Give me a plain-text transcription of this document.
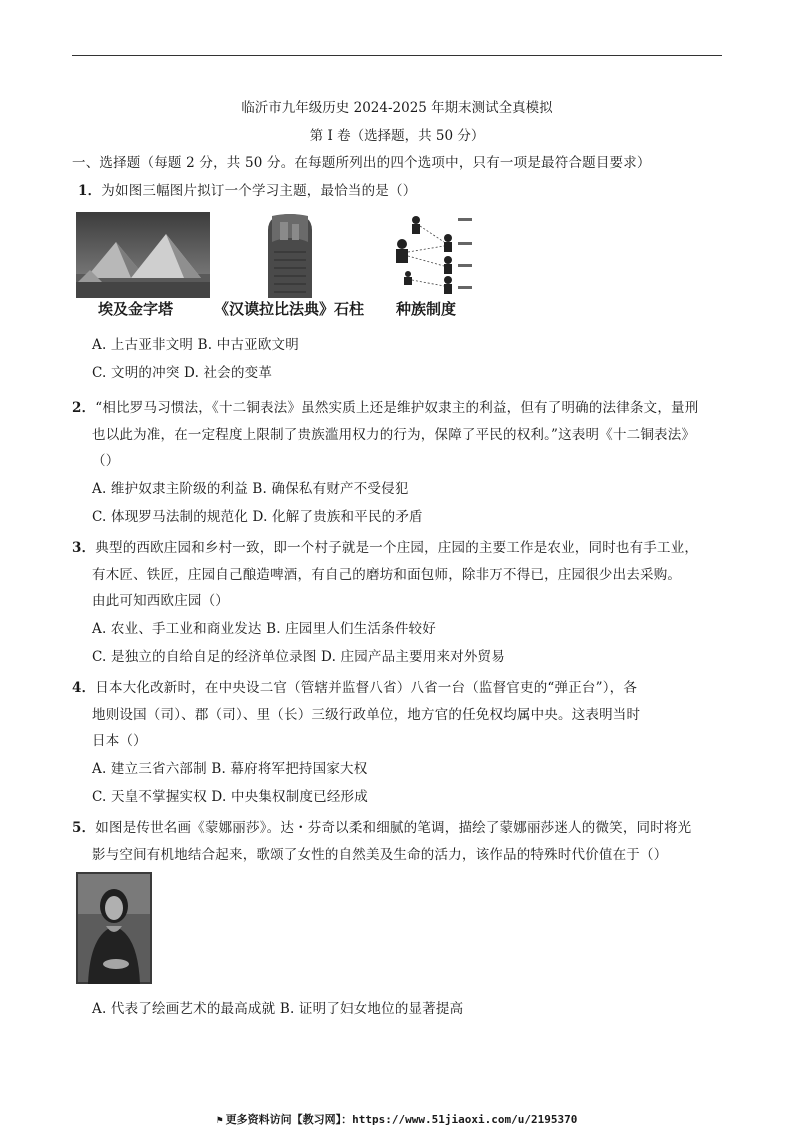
临沂市九年级历史 2024-2025 年期末测试全真模拟
第 I 卷（选择题，共 50 分）
一、选择题（每题 2 分，共 50 分。在每题所列出的四个选项中，只有一项是最符合题目要求）
1．为如图三幅图片拟订一个学习主题，最恰当的是（）
埃及金字塔	《汉谟拉比法典》石柱 种族制度
A. 上古亚非文明 B. 中古亚欧文明
C. 文明的冲突 D. 社会的变革
2．“相比罗马习惯法，《十二铜表法》虽然实质上还是维护奴隶主的利益，但有了明确的法律条文，量刑
也以此为准，在一定程度上限制了贵族滥用权力的行为，保障了平民的权利。”这表明《十二铜表法》
（）
A. 维护奴隶主阶级的利益 B. 确保私有财产不受侵犯
C. 体现罗马法制的规范化 D. 化解了贵族和平民的矛盾
3．典型的西欧庄园和乡村一致，即一个村子就是一个庄园，庄园的主要工作是农业，同时也有手工业，
有木匠、铁匠，庄园自己酿造啤酒，有自己的磨坊和面包师，除非万不得已，庄园很少出去采购。
由此可知西欧庄园（）
A. 农业、手工业和商业发达 B. 庄园里人们生活条件较好
C. 是独立的自给自足的经济单位录图 D. 庄园产品主要用来对外贸易
4．日本大化改新时，在中央设二官（管辖并监督八省）八省一台（监督官吏的“弹正台”），各
地则设国（司）、郡（司）、里（长）三级行政单位，地方官的任免权均属中央。这表明当时
日本（）
A. 建立三省六部制 B. 幕府将军把持国家大权
C. 天皇不掌握实权 D. 中央集权制度已经形成
5．如图是传世名画《蒙娜丽莎》。达・芬奇以柔和细腻的笔调，描绘了蒙娜丽莎迷人的微笑，同时将光
影与空间有机地结合起来，歌颂了女性的自然美及生命的活力，该作品的特殊时代价值在于（）
A. 代表了绘画艺术的最高成就 B. 证明了妇女地位的显著提高
⚑ 更多资料访问【教习网】：https://www.51jiaoxi.com/u/2195370
